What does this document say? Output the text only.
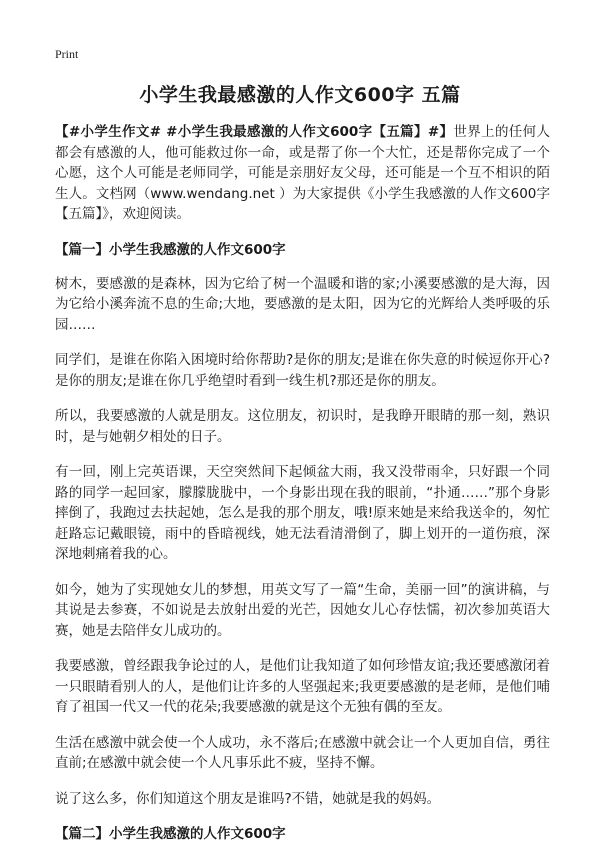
Print
小学生我最感激的人作文600字 五篇

【#小学生作文# #小学生我最感激的人作文600字【五篇】#】世界上的任何人都会有感激的人，他可能救过你一命，或是帮了你一个大忙，还是帮你完成了一个心愿，这个人可能是老师同学，可能是亲朋好友父母，还可能是一个互不相识的陌生人。文档网（www.wendang.net ）为大家提供《小学生我感激的人作文600字【五篇】》，欢迎阅读。

【篇一】小学生我感激的人作文600字

树木，要感激的是森林，因为它给了树一个温暖和谐的家;小溪要感激的是大海，因为它给小溪奔流不息的生命;大地，要感激的是太阳，因为它的光辉给人类呼吸的乐园……

同学们，是谁在你陷入困境时给你帮助?是你的朋友;是谁在你失意的时候逗你开心?是你的朋友;是谁在你几乎绝望时看到一线生机?那还是你的朋友。

所以，我要感激的人就是朋友。这位朋友，初识时，是我睁开眼睛的那一刻，熟识时，是与她朝夕相处的日子。

有一回，刚上完英语课，天空突然间下起倾盆大雨，我又没带雨伞，只好跟一个同路的同学一起回家，朦朦胧胧中，一个身影出现在我的眼前，“扑通……”那个身影摔倒了，我跑过去扶起她，怎么是我的那个朋友，哦!原来她是来给我送伞的，匆忙赶路忘记戴眼镜，雨中的昏暗视线，她无法看清滑倒了，脚上划开的一道伤痕，深深地刺痛着我的心。

如今，她为了实现她女儿的梦想，用英文写了一篇“生命，美丽一回”的演讲稿，与其说是去参赛，不如说是去放射出爱的光芒，因她女儿心存怯懦，初次参加英语大赛，她是去陪伴女儿成功的。

我要感激，曾经跟我争论过的人，是他们让我知道了如何珍惜友谊;我还要感激闭着一只眼睛看别人的人，是他们让许多的人坚强起来;我更要感激的是老师，是他们哺育了祖国一代又一代的花朵;我要感激的就是这个无独有偶的至友。

生活在感激中就会使一个人成功，永不落后;在感激中就会让一个人更加自信，勇往直前;在感激中就会使一个人凡事乐此不疲，坚持不懈。

说了这么多，你们知道这个朋友是谁吗?不错，她就是我的妈妈。

【篇二】小学生我感激的人作文600字
